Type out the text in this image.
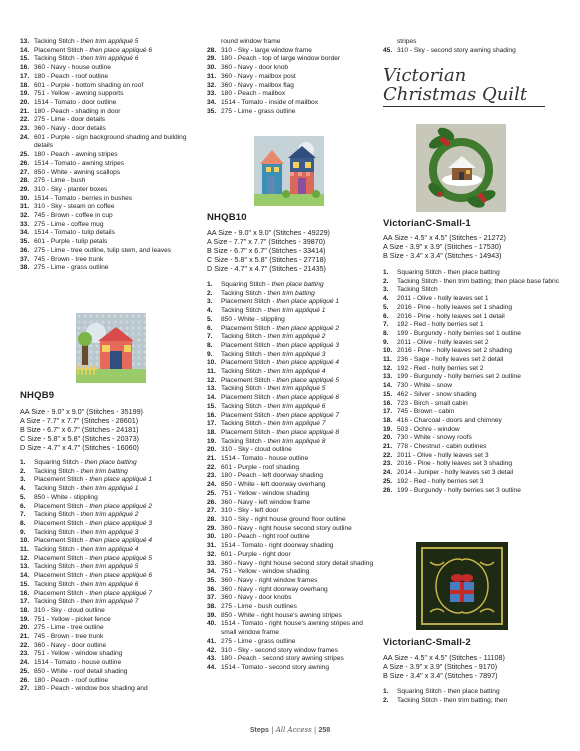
13. Tacking Stitch - then trim appliqué 5
14. Placement Stitch - then place appliqué 6
15. Tacking Stitch - then trim appliqué 6
16. 360 - Navy - house outline
17. 180 - Peach - roof outline
18. 601 - Purple - bottom shading on roof
19. 751 - Yellow - awning supports
20. 1514 - Tomato - door outline
21. 180 - Peach - shading in door
22. 275 - Lime - door details
23. 360 - Navy - door details
24. 601 - Purple - sign background shading and building details
25. 180 - Peach - awning stripes
26. 1514 - Tomato - awning stripes
27. 850 - White - awning scallops
28. 275 - Lime - bush
29. 310 - Sky - planter boxes
30. 1514 - Tomato - berries in bushes
31. 310 - Sky - steam on coffee
32. 745 - Brown - coffee in cup
33. 275 - Lime - coffee mug
34. 1514 - Tomato - tulip details
35. 601 - Purple - tulip petals
36. 275 - Lime - tree outline, tulip stem, and leaves
37. 745 - Brown - tree trunk
38. 275 - Lime - grass outline

NHQB9

AA Size - 9.0" x 9.0" (Stitches - 35199)
A Size - 7.7" x 7.7" (Stitches - 28601)
B Size - 6.7" x 6.7" (Stitches - 24181)
C Size - 5.8" x 5.8" (Stitches - 20373)
D Size - 4.7" x 4.7" (Stitches - 16060)
1. Squaring Stitch - then place batting
2. Tacking Stitch - then trim batting
3. Placement Stitch - then place appliqué 1
4. Tacking Stitch - then trim appliqué 1
5. 850 - White - stippling
6. Placement Stitch - then place appliqué 2
7. Tacking Stitch - then trim appliqué 2
8. Placement Stitch - then place appliqué 3
9. Tacking Stitch - then trim appliqué 3
10. Placement Stitch - then place appliqué 4
11. Tacking Stitch - then trim appliqué 4
12. Placement Stitch - then place appliqué 5
13. Tacking Stitch - then trim appliqué 5
14. Placement Stitch - then place appliqué 6
15. Tacking Stitch - then trim appliqué 6
16. Placement Stitch - then place appliqué 7
17. Tacking Stitch - then trim appliqué 7
18. 310 - Sky - cloud outline
19. 751 - Yellow - picket fence
20. 275 - Lime - tree outline
21. 745 - Brown - tree trunk
22. 360 - Navy - door outline
23. 751 - Yellow - window shading
24. 1514 - Tomato - house outline
25. 850 - White - roof detail shading
26. 180 - Peach - roof outline
27. 180 - Peach - window box shading and
round window frame
28. 310 - Sky - large window frame
29. 180 - Peach - top of large window border
30. 360 - Navy - door knob
31. 360 - Navy - mailbox post
32. 360 - Navy - mailbox flag
33. 180 - Peach - mailbox
34. 1514 - Tomato - inside of mailbox
35. 275 - Lime - grass outline

NHQB10

AA Size - 9.0" x 9.0" (Stitches - 49229)
A Size - 7.7" x 7.7" (Stitches - 39870)
B Size - 6.7" x 6.7" (Stitches - 33414)
C Size - 5.8" x 5.8" (Stitches - 27718)
D Size - 4.7" x 4.7" (Stitches - 21435)
1. Squaring Stitch - then place batting
2. Tacking Stitch - then trim batting
3. Placement Stitch - then place appliqué 1
4. Tacking Stitch - then trim appliqué 1
5. 850 - White - stippling
6. Placement Stitch - then place appliqué 2
7. Tacking Stitch - then trim appliqué 2
8. Placement Stitch - then place appliqué 3
9. Tacking Stitch - then trim appliqué 3
10. Placement Stitch - then place appliqué 4
11. Tacking Stitch - then trim appliqué 4
12. Placement Stitch - then place appliqué 5
13. Tacking Stitch - then trim appliqué 5
14. Placement Stitch - then place appliqué 6
15. Tacking Stitch - then trim appliqué 6
16. Placement Stitch - then place appliqué 7
17. Tacking Stitch - then trim appliqué 7
18. Placement Stitch - then place appliqué 8
19. Tacking Stitch - then trim appliqué 8
20. 310 - Sky - cloud outline
21. 1514 - Tomato - house outline
22. 601 - Purple - roof shading
23. 180 - Peach - left doorway shading
24. 850 - White - left doorway overhang
25. 751 - Yellow - window shading
26. 360 - Navy - left window frame
27. 310 - Sky - left door
28. 310 - Sky - right house ground floor outline
29. 360 - Navy - right house second story outline
30. 180 - Peach - right roof outline
31. 1514 - Tomato - right doorway shading
32. 601 - Purple - right door
33. 360 - Navy - right house second story detail shading
34. 751 - Yellow - window shading
35. 360 - Navy - right window frames
36. 360 - Navy - right doorway overhang
37. 360 - Navy - door knobs
38. 275 - Lime - bush outlines
39. 850 - White - right house's awning stripes
40. 1514 - Tomato - right house's awning stripes and small window frame
41. 275 - Lime - grass outline
42. 310 - Sky - second story window frames
43. 180 - Peach - second story awning stripes
44. 1514 - Tomato - second story awning
stripes
45. 310 - Sky - second story awning shading
Victorian
Christmas Quilt

VictorianC-Small-1

AA Size - 4.5" x 4.5" (Stitches - 21272)
A Size - 3.9" x 3.9" (Stitches - 17530)
B Size - 3.4" x 3.4" (Stitches - 14943)
1. Squaring Stitch - then place batting
2. Tacking Stitch - then trim batting; then place base fabric
3. Tacking Stitch
4. 2011 - Olive - holly leaves set 1
5. 2016 - Pine - holly leaves set 1 shading
6. 2016 - Pine - holly leaves set 1 detail
7. 192 - Red - holly berries set 1
8. 199 - Burgundy - holly berries set 1 outline
9. 2011 - Olive - holly leaves set 2
10. 2016 - Pine - holly leaves set 2 shading
11. 236 - Sage - holly leaves set 2 detail
12. 192 - Red - holly berries set 2
13. 199 - Burgundy - holly berries set 2 outline
14. 730 - White - snow
15. 462 - Silver - snow shading
16. 723 - Birch - small cabin
17. 745 - Brown - cabin
18. 416 - Charcoal - doors and chimney
19. 503 - Ochre - window
20. 730 - White - snowy roofs
21. 778 - Chestnut - cabin outlines
22. 2011 - Olive - holly leaves set 3
23. 2016 - Pine - holly leaves set 3 shading
24. 2014 - Juniper - holly leaves set 3 detail
25. 192 - Red - holly berries set 3
26. 199 - Burgundy - holly berries set 3 outline

VictorianC-Small-2

AA Size - 4.5" x 4.5" (Stitches - 11108)
A Size - 3.9" x 3.9" (Stitches - 9170)
B Size - 3.4" x 3.4" (Stitches - 7897)
1. Squaring Stitch - then place batting
2. Tacking Stitch - then trim batting; then
Steps | All Access | 258
